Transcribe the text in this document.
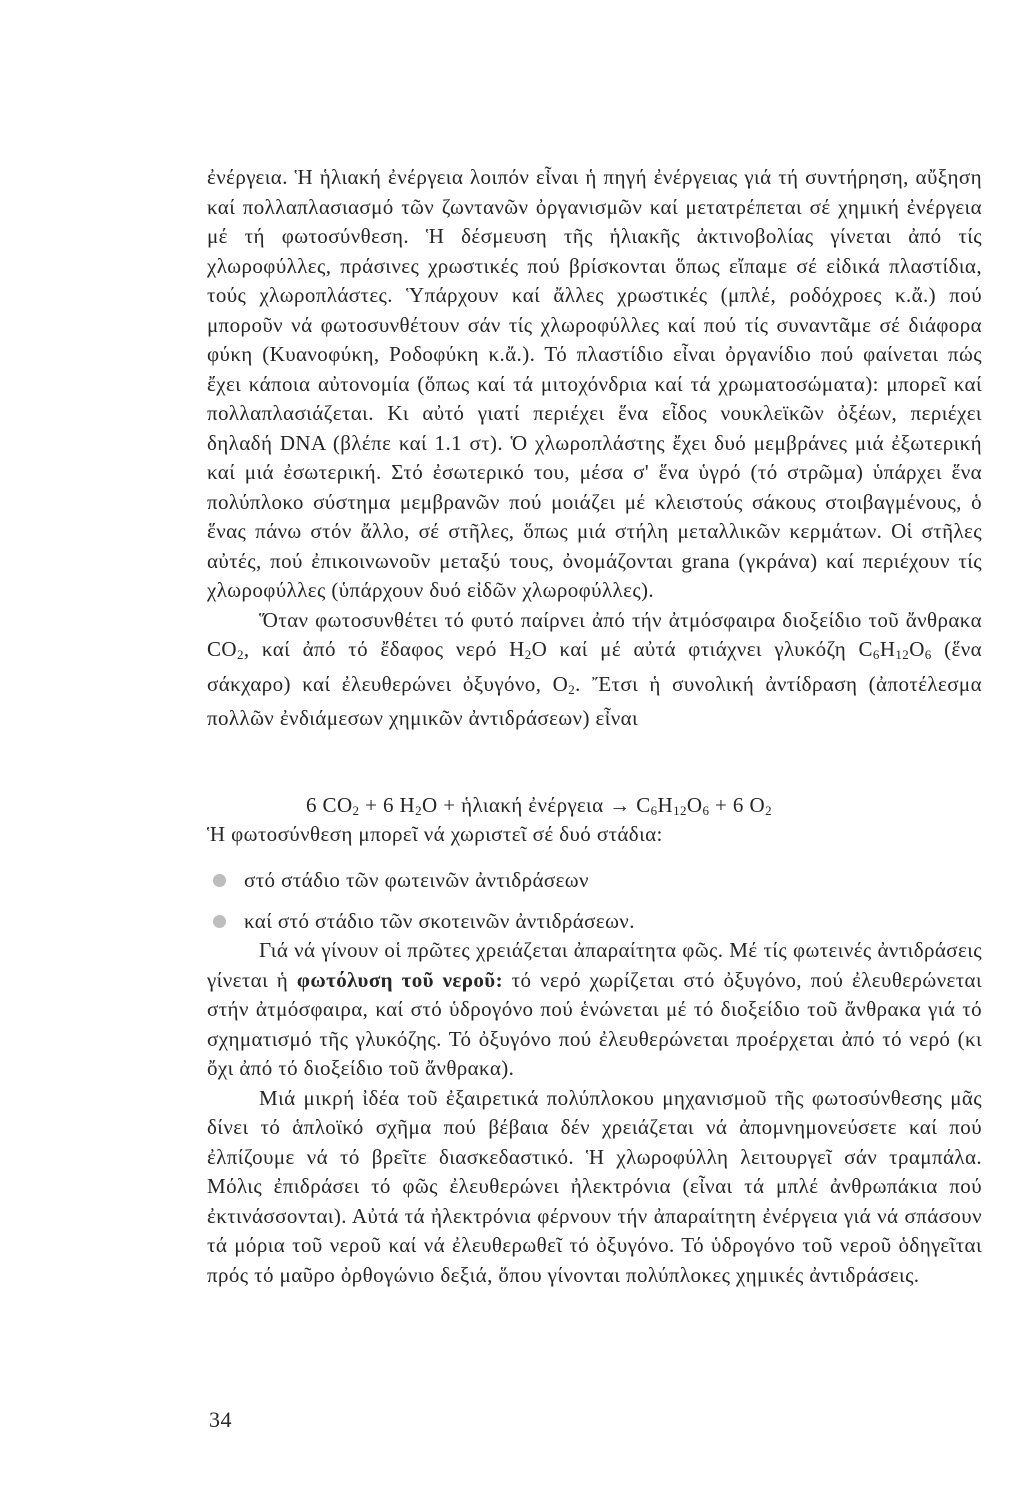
ἐνέργεια. Ἡ ἡλιακή ἐνέργεια λοιπόν εἶναι ἡ πηγή ἐνέργειας γιά τή συντήρηση, αὔξηση καί πολλαπλασιασμό τῶν ζωντανῶν ὀργανισμῶν καί μετατρέπεται σέ χημική ἐνέργεια μέ τή φωτοσύνθεση. Ἡ δέσμευση τῆς ἡλιακῆς ἀκτινοβολίας γίνεται ἀπό τίς χλωροφύλλες, πράσινες χρωστικές πού βρίσκονται ὅπως εἴπαμε σέ εἰδικά πλαστίδια, τούς χλωροπλάστες. Ὑπάρχουν καί ἄλλες χρωστικές (μπλέ, ροδόχροες κ.ἄ.) πού μποροῦν νά φωτοσυνθέτουν σάν τίς χλωροφύλλες καί πού τίς συναντᾶμε σέ διάφορα φύκη (Κυανοφύκη, Ροδοφύκη κ.ἄ.). Τό πλαστίδιο εἶναι ὀργανίδιο πού φαίνεται πώς ἔχει κάποια αὐτονομία (ὅπως καί τά μιτοχόνδρια καί τά χρωματοσώματα): μπορεῖ καί πολλαπλασιάζεται. Κι αὐτό γιατί περιέχει ἕνα εἶδος νουκλεϊκῶν ὀξέων, περιέχει δηλαδή DNA (βλέπε καί 1.1 στ). Ὁ χλωροπλάστης ἔχει δυό μεμβράνες μιά ἐξωτερική καί μιά ἐσωτερική. Στό ἐσωτερικό του, μέσα σ' ἕνα ὑγρό (τό στρῶμα) ὑπάρχει ἕνα πολύπλοκο σύστημα μεμβρανῶν πού μοιάζει μέ κλειστούς σάκους στοιβαγμένους, ὁ ἕνας πάνω στόν ἄλλο, σέ στῆλες, ὅπως μιά στήλη μεταλλικῶν κερμάτων. Οἱ στῆλες αὐτές, πού ἐπικοινωνοῦν μεταξύ τους, ὀνομάζονται grana (γκράνα) καί περιέχουν τίς χλωροφύλλες (ὑπάρχουν δυό εἰδῶν χλωροφύλλες).

Ὅταν φωτοσυνθέτει τό φυτό παίρνει ἀπό τήν ἀτμόσφαιρα διοξείδιο τοῦ ἄνθρακα $CO_2$, καί ἀπό τό ἔδαφος νερό $H_2O$ καί μέ αὐτά φτιάχνει γλυκόζη $C_6H_{12}O_6$ (ἕνα σάκχαρο) καί ἐλευθερώνει ὀξυγόνο, $O_2$. Ἔτσι ἡ συνολική ἀντίδραση (ἀποτέλεσμα πολλῶν ἐνδιάμεσων χημικῶν ἀντιδράσεων) εἶναι

6 $CO_2 + 6$ $H_2O$ + ἡλιακή ἐνέργεια → $C_6H_{12}O_6 + 6$ $O_2$
Ἡ φωτοσύνθεση μπορεῖ νά χωριστεῖ σέ δυό στάδια:
στό στάδιο τῶν φωτεινῶν ἀντιδράσεων
καί στό στάδιο τῶν σκοτεινῶν ἀντιδράσεων.

Γιά νά γίνουν οἱ πρῶτες χρειάζεται ἀπαραίτητα φῶς. Μέ τίς φωτεινές ἀντιδράσεις γίνεται ἡ φωτόλυση τοῦ νεροῦ: τό νερό χωρίζεται στό ὀξυγόνο, πού ἐλευθερώνεται στήν ἀτμόσφαιρα, καί στό ὑδρογόνο πού ἑνώνεται μέ τό διοξείδιο τοῦ ἄνθρακα γιά τό σχηματισμό τῆς γλυκόζης. Τό ὀξυγόνο πού ἐλευθερώνεται προέρχεται ἀπό τό νερό (κι ὄχι ἀπό τό διοξείδιο τοῦ ἄνθρακα).

Μιά μικρή ἰδέα τοῦ ἐξαιρετικά πολύπλοκου μηχανισμοῦ τῆς φωτοσύνθεσης μᾶς δίνει τό ἁπλοϊκό σχῆμα πού βέβαια δέν χρειάζεται νά ἀπομνημονεύσετε καί πού ἐλπίζουμε νά τό βρεῖτε διασκεδαστικό. Ἡ χλωροφύλλη λειτουργεῖ σάν τραμπάλα. Μόλις ἐπιδράσει τό φῶς ἐλευθερώνει ἠλεκτρόνια (εἶναι τά μπλέ ἀνθρωπάκια πού ἐκτινάσσονται). Αὐτά τά ἠλεκτρόνια φέρνουν τήν ἀπαραίτητη ἐνέργεια γιά νά σπάσουν τά μόρια τοῦ νεροῦ καί νά ἐλευθερωθεῖ τό ὀξυγόνο. Τό ὑδρογόνο τοῦ νεροῦ ὁδηγεῖται πρός τό μαῦρο ὀρθογώνιο δεξιά, ὅπου γίνονται πολύπλοκες χημικές ἀντιδράσεις.

34
